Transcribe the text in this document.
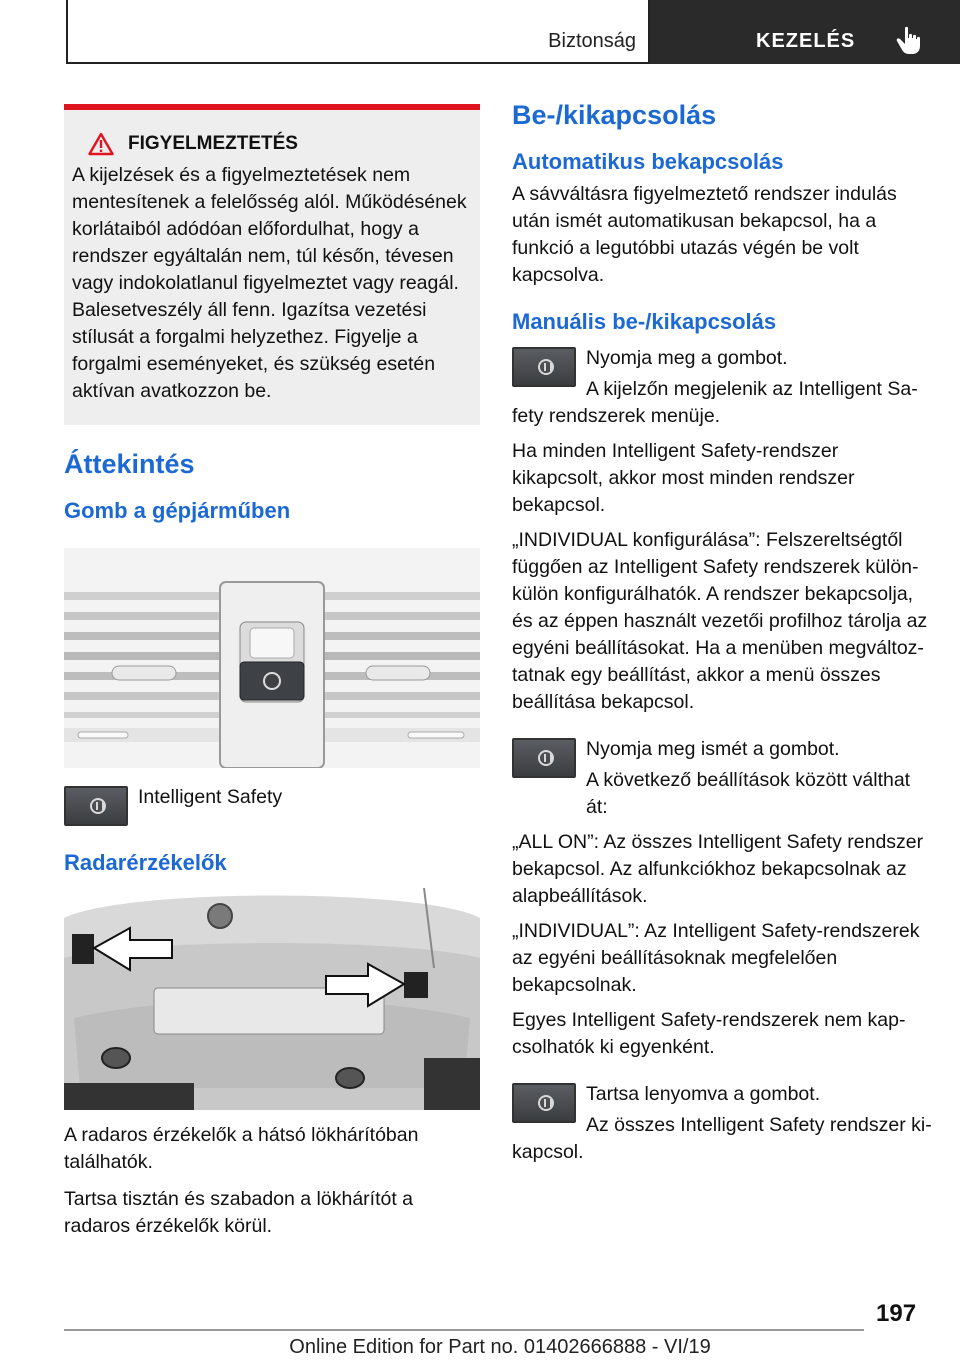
Biztonság	KEZELÉS
FIGYELMEZTETÉS

A kijelzések és a figyelmeztetések nem mentesítenek a felelősség alól. Működésének korlátaiból adódóan előfordulhat, hogy a rendszer egyáltalán nem, túl későn, tévesen vagy indokolatlanul figyelmeztet vagy reagál. Balesetveszély áll fenn. Igazítsa vezetési stílusát a forgalmi helyzethez. Figyelje a forgalmi eseményeket, és szükség esetén aktívan avatkozzon be.

Áttekintés
Gomb a gépjárműben
Intelligent Safety
Radarérzékelők

A radaros érzékelők a hátsó lökhárítóban találhatók.

Tartsa tisztán és szabadon a lökhárítót a radaros érzékelők körül.

Be-/kikapcsolás
Automatikus bekapcsolás

A sávváltásra figyelmeztető rendszer indulás után ismét automatikusan bekapcsol, ha a funkció a legutóbbi utazás végén be volt kapcsolva.

Manuális be-/kikapcsolás

Nyomja meg a gombot.

A kijelzőn megjelenik az Intelligent Safety rendszerek menüje.

Ha minden Intelligent Safety-rendszer kikapcsolt, akkor most minden rendszer bekapcsol.

„INDIVIDUAL konfigurálása”: Felszereltségtől függően az Intelligent Safety rendszerek külön-külön konfigurálhatók. A rendszer bekapcsolja, és az éppen használt vezetői profilhoz tárolja az egyéni beállításokat. Ha a menüben megváltoztatnak egy beállítást, akkor a menü összes beállítása bekapcsol.

Nyomja meg ismét a gombot.

A következő beállítások között válthat át:

„ALL ON”: Az összes Intelligent Safety rendszer bekapcsol. Az alfunkciókhoz bekapcsolnak az alapbeállítások.

„INDIVIDUAL”: Az Intelligent Safety-rendszerek az egyéni beállításoknak megfelelően bekapcsolnak.

Egyes Intelligent Safety-rendszerek nem kapcsolhatók ki egyenként.

Tartsa lenyomva a gombot.

Az összes Intelligent Safety rendszer kikapcsol.

197
Online Edition for Part no. 01402666888 - VI/19
